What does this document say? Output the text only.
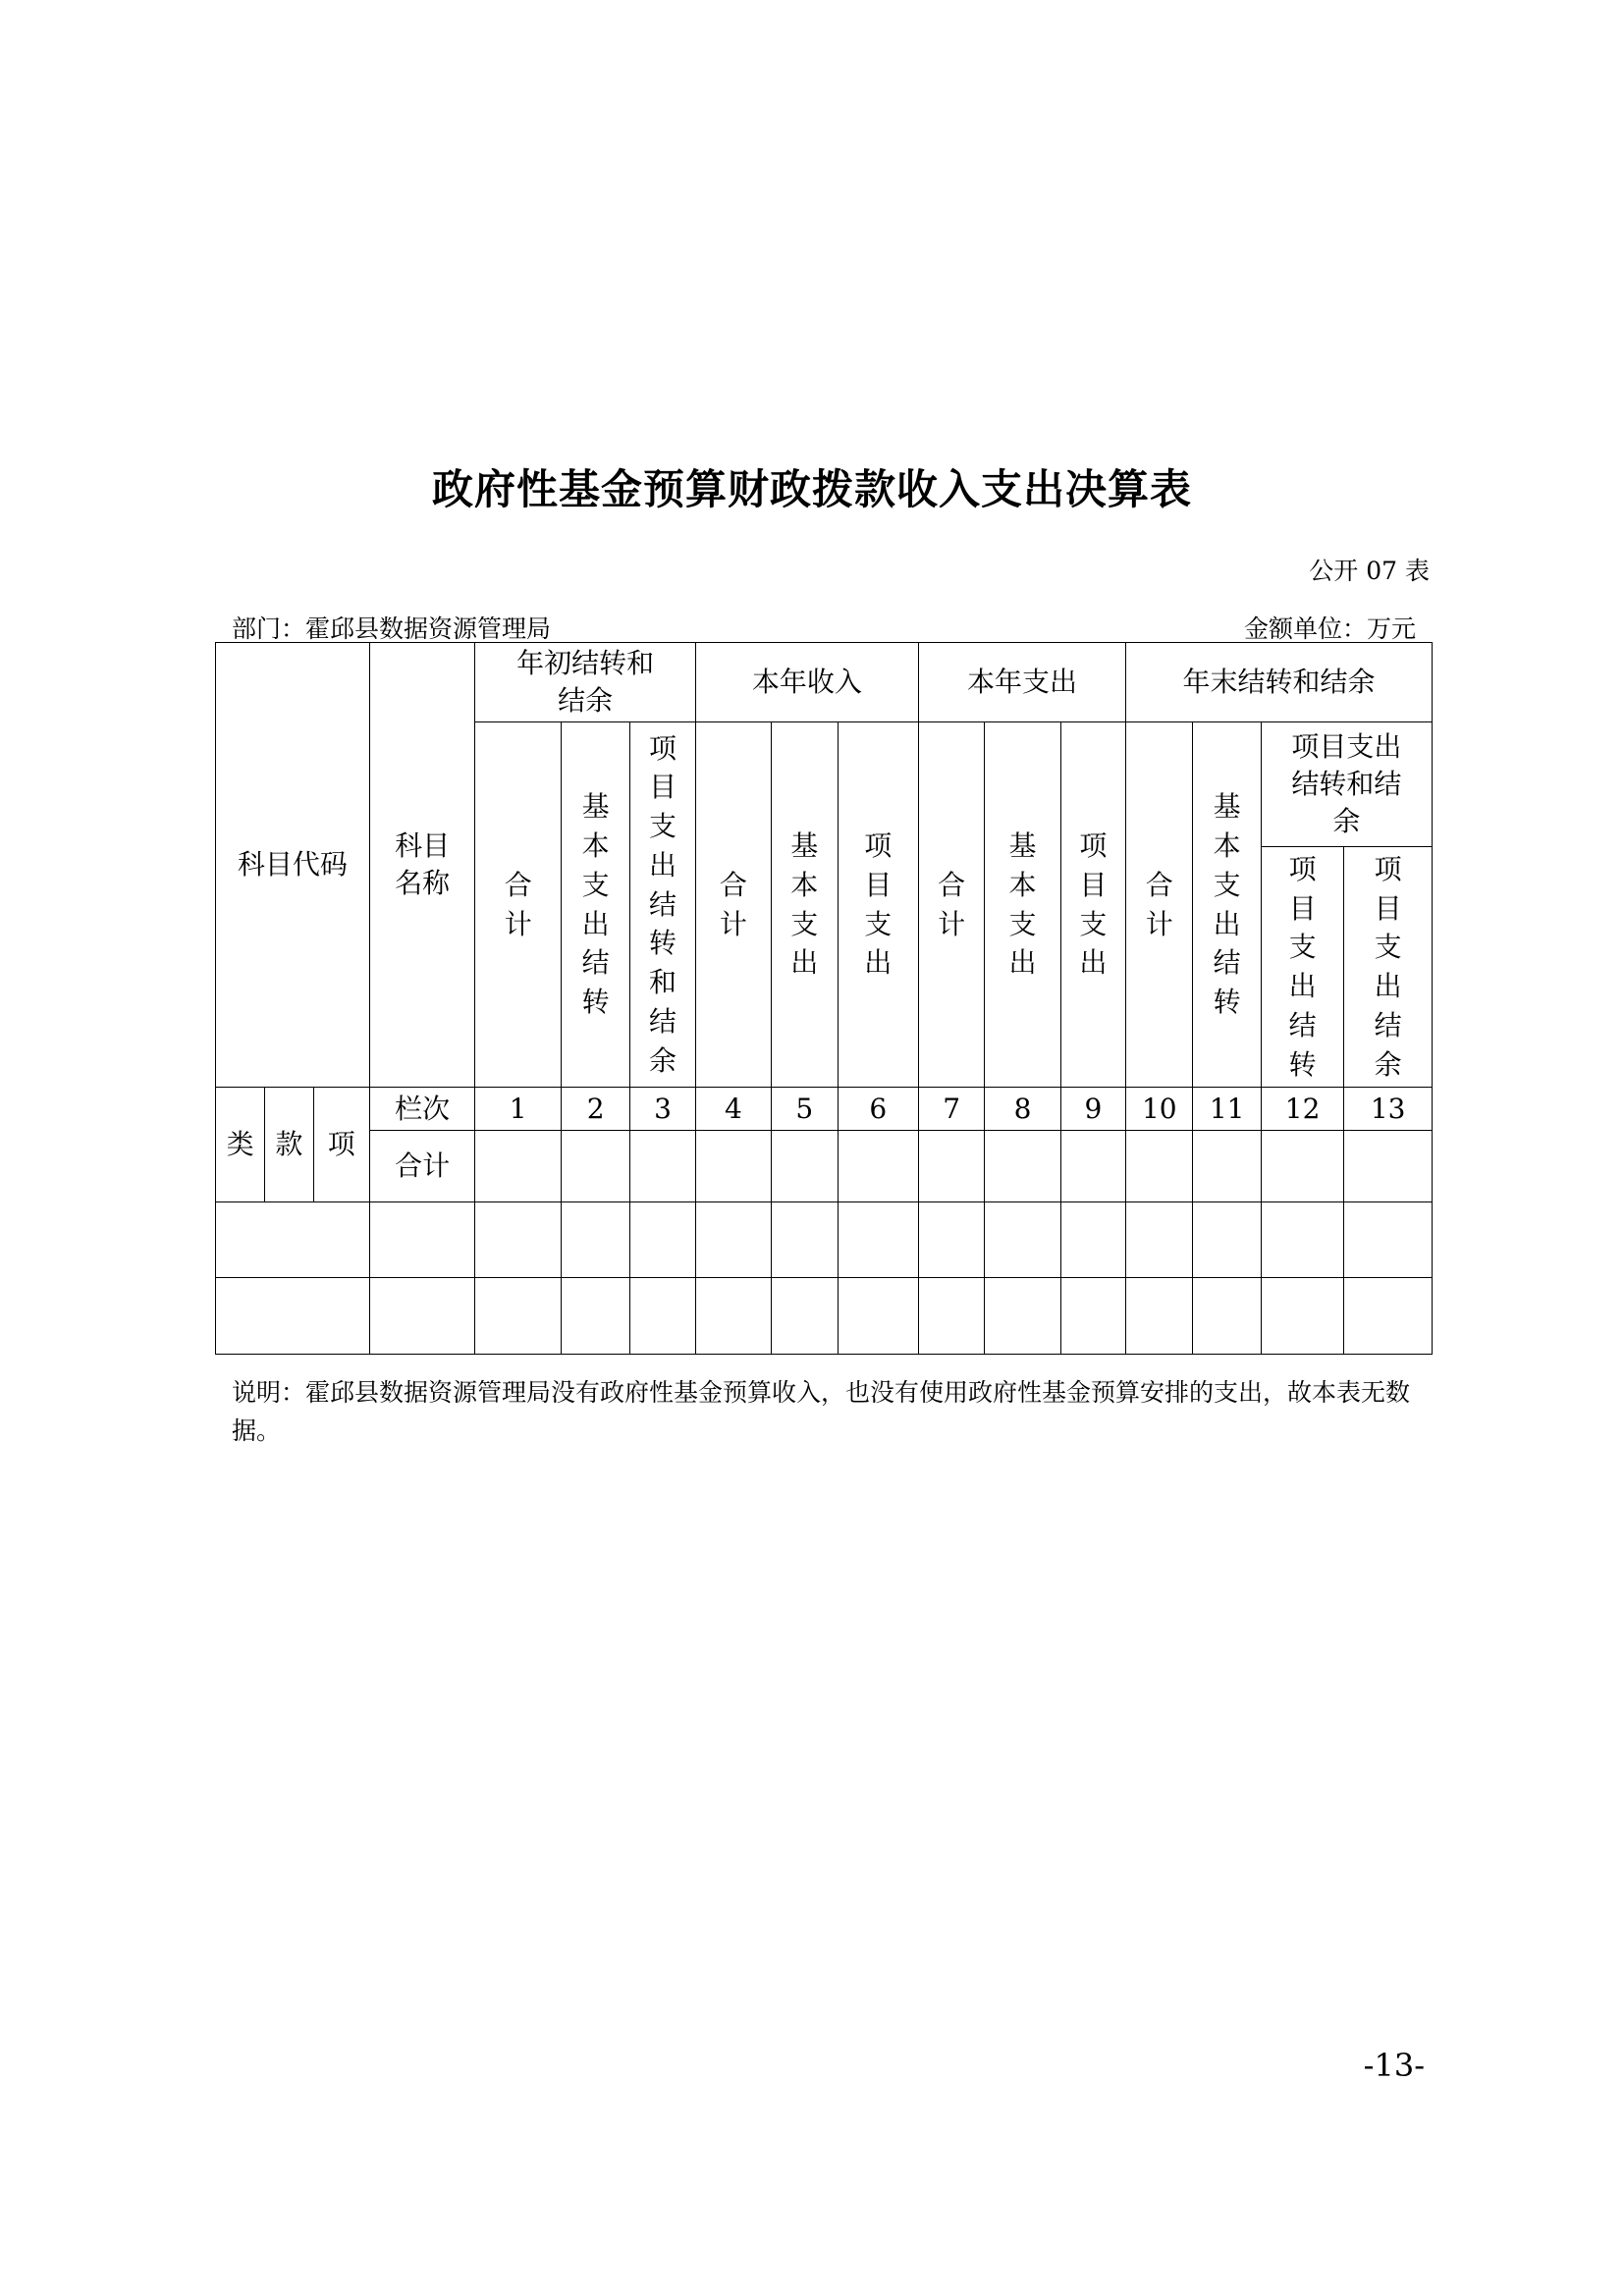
政府性基金预算财政拨款收入支出决算表
公开 07 表
部门：霍邱县数据资源管理局	金额单位：万元
科目代码			科目名称	年初结转和结余			本年收入			本年支出			年末结转和结余			

				合计	基本支出结转	项目支出结转和结余	合计	基本支出	项目支出	合计	基本支出	项目支出	合计	基本支出结转	项目支出结转和结余	

															项目支出结转	项目支出结余

类	款	项	栏次	1	2	3	4	5	6	7	8	9	10	11	12	13
			合计													

说明：霍邱县数据资源管理局没有政府性基金预算收入，也没有使用政府性基金预算安排的支出，故本表无数据。
-13-
